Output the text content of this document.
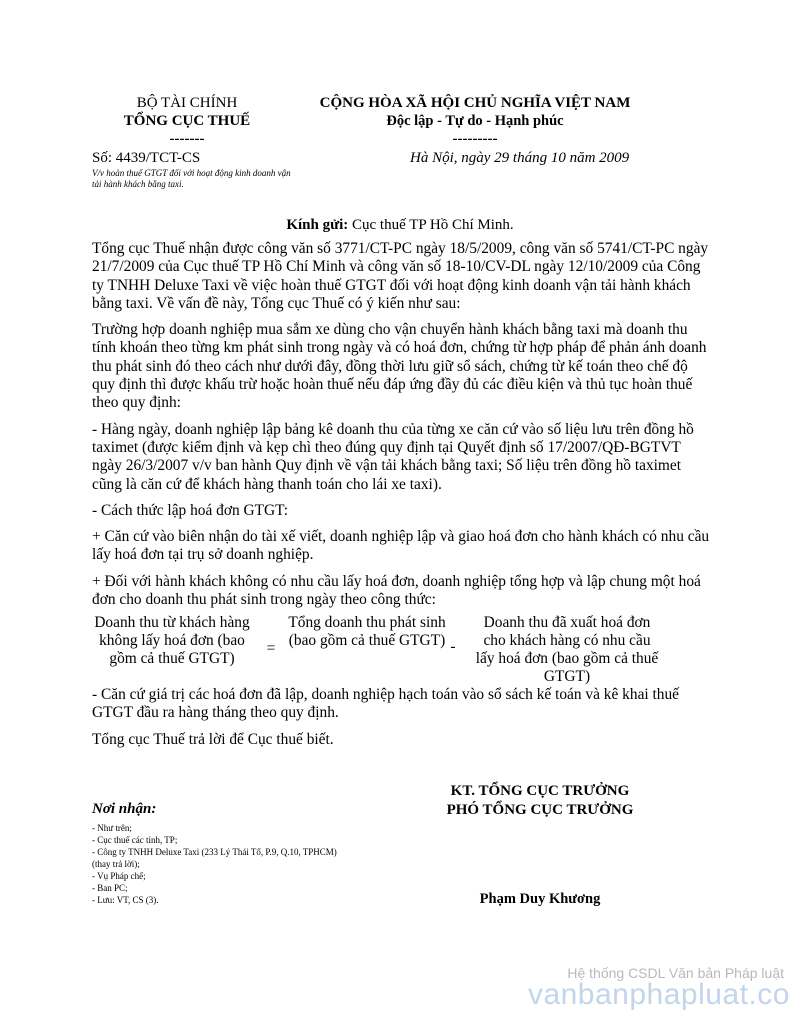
BỘ TÀI CHÍNH
TỔNG CỤC THUẾ
-------
CỘNG HÒA XÃ HỘI CHỦ NGHĨA VIỆT NAM
Độc lập - Tự do - Hạnh phúc
---------
Số: 4439/TCT-CS
V/v hoàn thuế GTGT đối với hoạt động kinh doanh vận tải hành khách bằng taxi.
Hà Nội, ngày 29 tháng 10 năm 2009
Kính gửi: Cục thuế TP Hồ Chí Minh.

Tổng cục Thuế nhận được công văn số 3771/CT-PC ngày 18/5/2009, công văn số 5741/CT-PC ngày 21/7/2009 của Cục thuế TP Hồ Chí Minh và công văn số 18-10/CV-DL ngày 12/10/2009 của Công ty TNHH Deluxe Taxi về việc hoàn thuế GTGT đối với hoạt động kinh doanh vận tải hành khách bằng taxi. Về vấn đề này, Tổng cục Thuế có ý kiến như sau:

Trường hợp doanh nghiệp mua sắm xe dùng cho vận chuyển hành khách bằng taxi mà doanh thu tính khoán theo từng km phát sinh trong ngày và có hoá đơn, chứng từ hợp pháp để phản ánh doanh thu phát sinh đó theo cách như dưới đây, đồng thời lưu giữ sổ sách, chứng từ kế toán theo chế độ quy định thì được khấu trừ hoặc hoàn thuế nếu đáp ứng đầy đủ các điều kiện và thủ tục hoàn thuế theo quy định:

- Hàng ngày, doanh nghiệp lập bảng kê doanh thu của từng xe căn cứ vào số liệu lưu trên đồng hồ taximet (được kiểm định và kẹp chì theo đúng quy định tại Quyết định số 17/2007/QĐ-BGTVT ngày 26/3/2007 v/v ban hành Quy định về vận tải khách bằng taxi; Số liệu trên đồng hồ taximet cũng là căn cứ để khách hàng thanh toán cho lái xe taxi).

- Cách thức lập hoá đơn GTGT:

+ Căn cứ vào biên nhận do tài xế viết, doanh nghiệp lập và giao hoá đơn cho hành khách có nhu cầu lấy hoá đơn tại trụ sở doanh nghiệp.

+ Đối với hành khách không có nhu cầu lấy hoá đơn, doanh nghiệp tổng hợp và lập chung một hoá đơn cho doanh thu phát sinh trong ngày theo công thức:

Doanh thu từ khách hàng không lấy hoá đơn (bao gồm cả thuế GTGT)
=
Tổng doanh thu phát sinh (bao gồm cả thuế GTGT) -
Doanh thu đã xuất hoá đơn cho khách hàng có nhu cầu lấy hoá đơn (bao gồm cả thuế GTGT)

- Căn cứ giá trị các hoá đơn đã lập, doanh nghiệp hạch toán vào sổ sách kế toán và kê khai thuế GTGT đầu ra hàng tháng theo quy định.

Tổng cục Thuế trả lời để Cục thuế biết.

KT. TỔNG CỤC TRƯỞNG
PHÓ TỔNG CỤC TRƯỞNG
Phạm Duy Khương
Nơi nhận:
- Như trên;
- Cục thuế các tỉnh, TP;
- Công ty TNHH Deluxe Taxi (233 Lý Thái Tổ, P.9, Q.10, TPHCM)(thay trả lời);
- Vụ Pháp chế;
- Ban PC;
- Lưu: VT, CS (3).
Hệ thống CSDL Văn bản Pháp luật
vanbanphapluat.co
